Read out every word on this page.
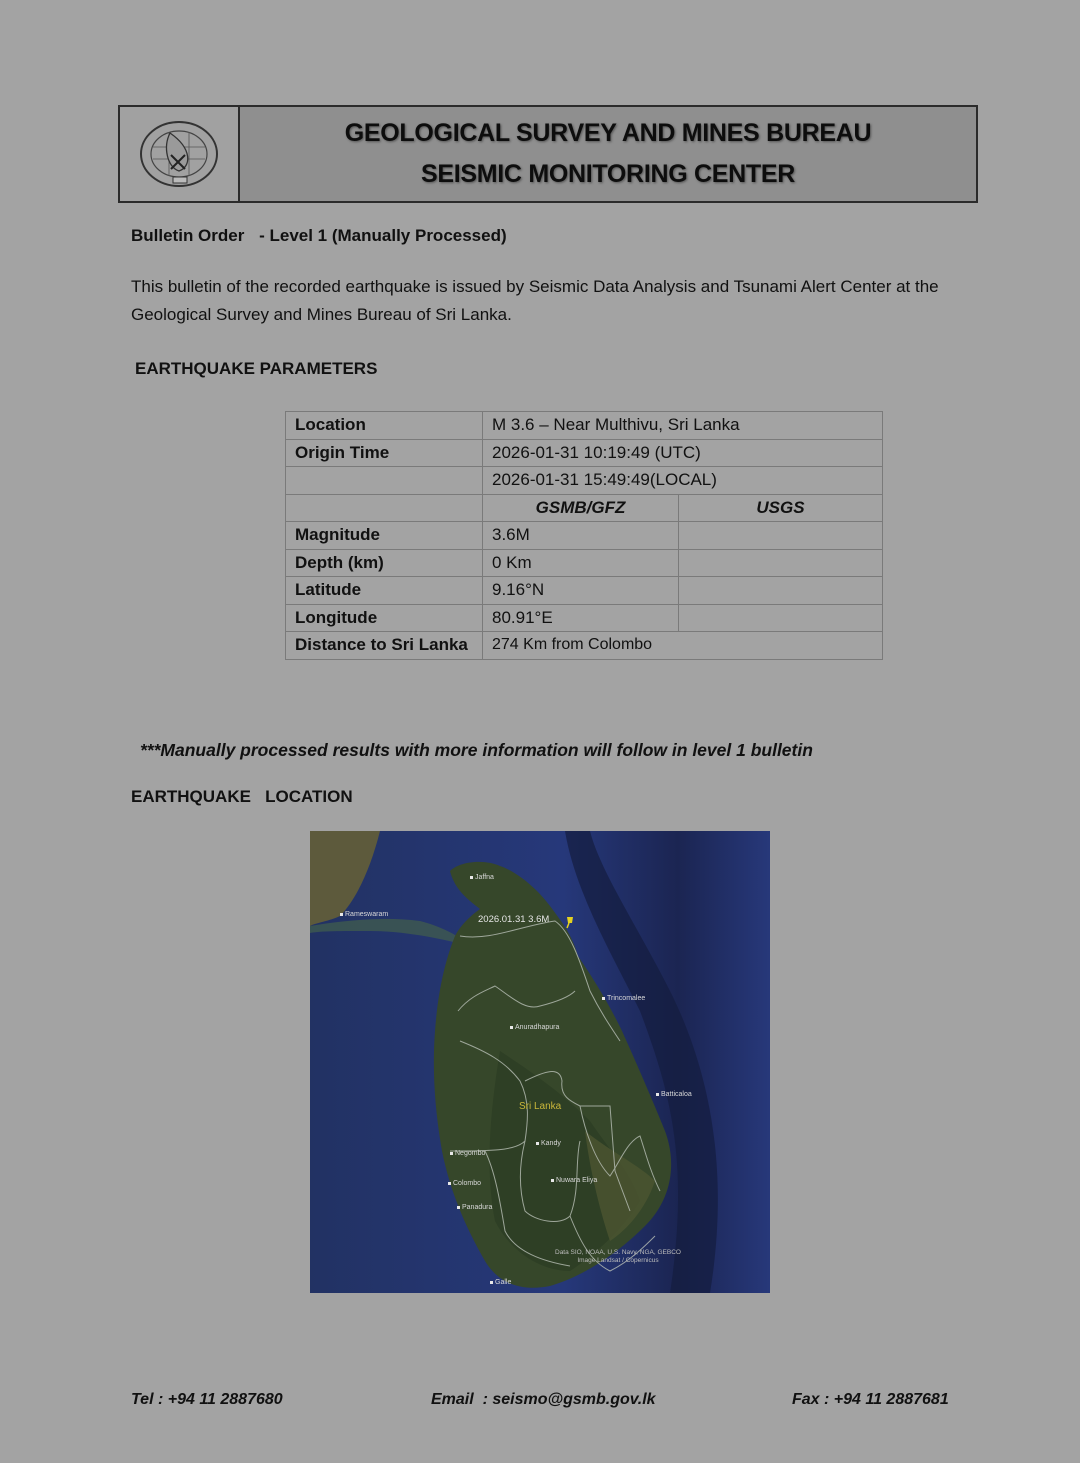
GEOLOGICAL SURVEY AND MINES BUREAU
SEISMIC MONITORING CENTER
Bulletin Order - Level 1 (Manually Processed)
This bulletin of the recorded earthquake is issued by Seismic Data Analysis and Tsunami Alert Center at the Geological Survey and Mines Bureau of Sri Lanka.
EARTHQUAKE PARAMETERS
Location	M 3.6 – Near Multhivu, Sri Lanka	
Origin Time	2026-01-31 10:19:49 (UTC)	
	2026-01-31 15:49:49(LOCAL)	
	GSMB/GFZ	USGS
Magnitude	3.6M	
Depth (km)	0 Km	
Latitude	9.16°N	
Longitude	80.91°E	
Distance to Sri Lanka	274 Km from Colombo	
***Manually processed results with more information will follow in level 1 bulletin
EARTHQUAKE   LOCATION
2026.01.31 3.6M
Sri Lanka
Jaffna
Rameswaram
Trincomalee
Anuradhapura
Batticaloa
Kandy
Negombo
Colombo	Nuwara Eliya
Panadura
Galle
Data SIO, NOAA, U.S. Navy, NGA, GEBCO
Image Landsat / Copernicus
Tel : +94 11 2887680	Email  : seismo@gsmb.gov.lk	Fax : +94 11 2887681
